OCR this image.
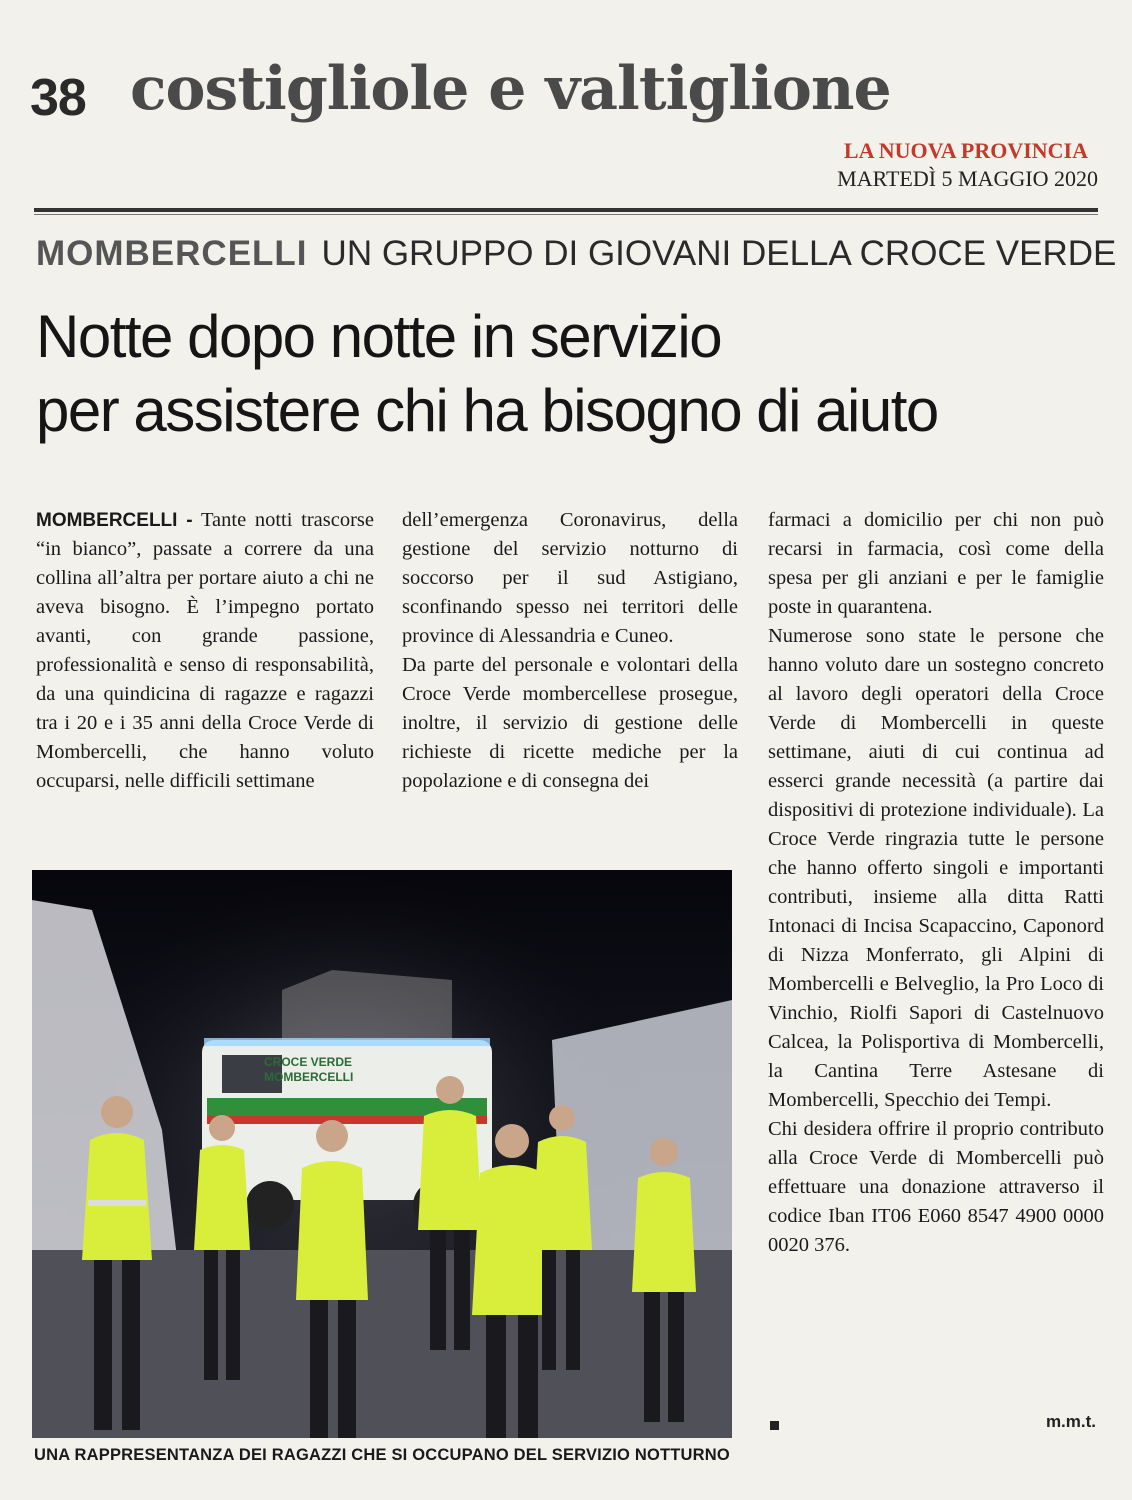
38 costigliole e valtiglione
LA NUOVA PROVINCIA
MARTEDÌ 5 MAGGIO 2020
MOMBERCELLI UN GRUPPO DI GIOVANI DELLA CROCE VERDE
Notte dopo notte in servizio
per assistere chi ha bisogno di aiuto

MOMBERCELLI - Tante notti trascorse “in bianco”, passate a correre da una collina all’altra per portare aiuto a chi ne aveva bisogno. È l’impegno portato avanti, con grande passione, professionalità e senso di responsabilità, da una quindicina di ragazze e ragazzi tra i 20 e i 35 anni della Croce Verde di Mombercelli, che hanno voluto occuparsi, nelle difficili settimane

dell’emergenza Coronavirus, della gestione del servizio notturno di soccorso per il sud Astigiano, sconfinando spesso nei territori delle province di Alessandria e Cuneo.

Da parte del personale e volontari della Croce Verde mombercellese prosegue, inoltre, il servizio di gestione delle richieste di ricette mediche per la popolazione e di consegna dei

farmaci a domicilio per chi non può recarsi in farmacia, così come della spesa per gli anziani e per le famiglie poste in quarantena.

Numerose sono state le persone che hanno voluto dare un sostegno concreto al lavoro degli operatori della Croce Verde di Mombercelli in queste settimane, aiuti di cui continua ad esserci grande necessità (a partire dai dispositivi di protezione individuale). La Croce Verde ringrazia tutte le persone che hanno offerto singoli e importanti contributi, insieme alla ditta Ratti Intonaci di Incisa Scapaccino, Caponord di Nizza Monferrato, gli Alpini di Mombercelli e Belveglio, la Pro Loco di Vinchio, Riolfi Sapori di Castelnuovo Calcea, la Polisportiva di Mombercelli, la Cantina Terre Astesane di Mombercelli, Specchio dei Tempi.

Chi desidera offrire il proprio contributo alla Croce Verde di Mombercelli può effettuare una donazione attraverso il codice Iban IT06 E060 8547 4900 0000 0020 376.

CROCE VERDE
MOMBERCELLI
UNA RAPPRESENTANZA DEI RAGAZZI CHE SI OCCUPANO DEL SERVIZIO NOTTURNO
m.m.t.
